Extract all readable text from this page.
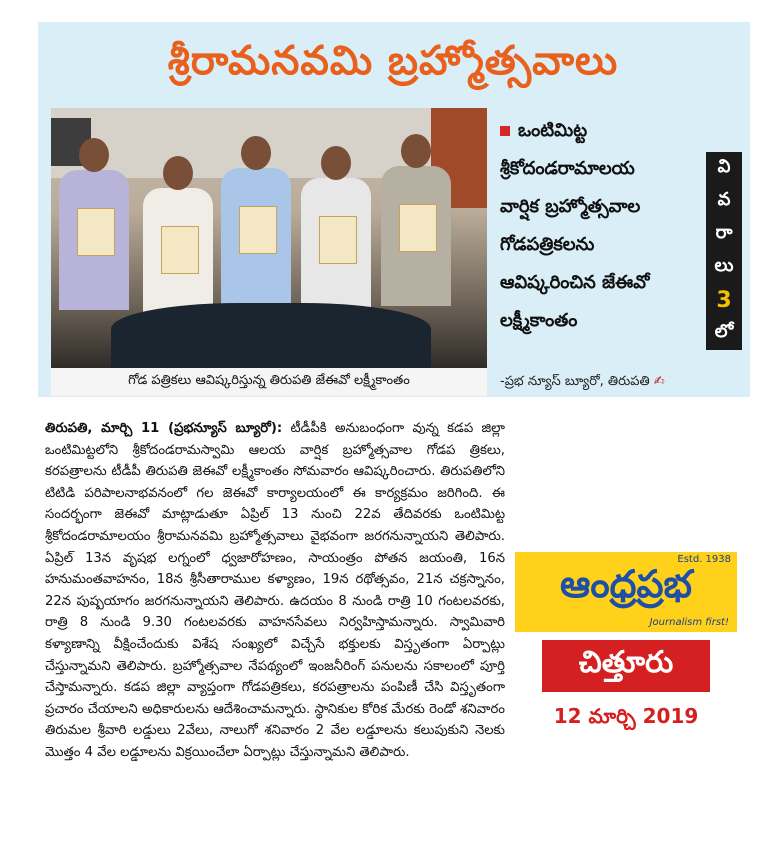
శ్రీరామనవమి బ్రహ్మోత్సవాలు
గోడ పత్రికలు ఆవిష్కరిస్తున్న తిరుపతి జేఈవో లక్ష్మీకాంతం
ఒంటిమిట్ట
శ్రీకోదండరామాలయ
వార్షిక బ్రహ్మోత్సవాల
గోడపత్రికలను
ఆవిష్కరించిన జేఈవో
లక్ష్మీకాంతం
వి
వ
రా
లు
3
లో
-ప్రభ న్యూస్ బ్యూరో, తిరుపతి ✍
తిరుపతి, మార్చి 11 (ప్రభన్యూస్ బ్యూరో): టీడీపీకి అనుబంధంగా వున్న కడప జిల్లా ఒంటిమిట్టలోని శ్రీకోదండరామస్వామి ఆలయ వార్షిక బ్రహ్మోత్సవాల గోడప త్రికలు, కరపత్రాలను టీడీపీ తిరుపతి జెఈవో లక్ష్మీకాంతం సోమవారం ఆవిష్కరించారు. తిరుపతిలోని టిటిడి పరిపాలనాభవనంలో గల జెఈవో కార్యాలయంలో ఈ కార్యక్రమం జరిగింది. ఈ సందర్భంగా జెఈవో మాట్లాడుతూ ఏప్రిల్ 13 నుంచి 22వ తేదివరకు ఒంటిమిట్ట శ్రీకోదండరామాలయం శ్రీరామనవమి బ్రహ్మోత్సవాలు వైభవంగా జరగనున్నాయని తెలిపారు. ఏప్రిల్ 13న వృషభ లగ్నంలో ధ్వజారోహణం, సాయంత్రం పోతన జయంతి, 16న హనుమంతవాహనం, 18న శ్రీసీతారాముల కళ్యాణం, 19న రథోత్సవం, 21న చక్రస్నానం, 22న పుష్పయాగం జరగనున్నాయని తెలిపారు. ఉదయం 8 నుండి రాత్రి 10 గంటలవరకు, రాత్రి 8 నుండి 9.30 గంటలవరకు వాహనసేవలు నిర్వహిస్తామన్నారు. స్వామివారి కళ్యాణాన్ని వీక్షించేందుకు విశేష సంఖ్యలో విచ్చేసే భక్తులకు విస్తృతంగా ఏర్పాట్లు చేస్తున్నామని తెలిపారు. బ్రహ్మోత్సవాల నేపథ్యంలో ఇంజనీరింగ్ పనులను సకాలంలో పూర్తి చేస్తామన్నారు. కడప జిల్లా వ్యాప్తంగా గోడపత్రికలు, కరపత్రాలను పంపిణీ చేసి విస్తృతంగా ప్రచారం చేయాలని అధికారులను ఆదేశించామన్నారు. స్థానికుల కోరిక మేరకు రెండో శనివారం తిరుమల శ్రీవారి లడ్డులు 2వేలు, నాలుగో శనివారం 2 వేల లడ్డూలను కలుపుకుని నెలకు మొత్తం 4 వేల లడ్డూలను విక్రయించేలా ఏర్పాట్లు చేస్తున్నామని తెలిపారు.
Estd. 1938
ఆంధ్రప్రభ
Journalism first!
చిత్తూరు
12 మార్చి 2019
